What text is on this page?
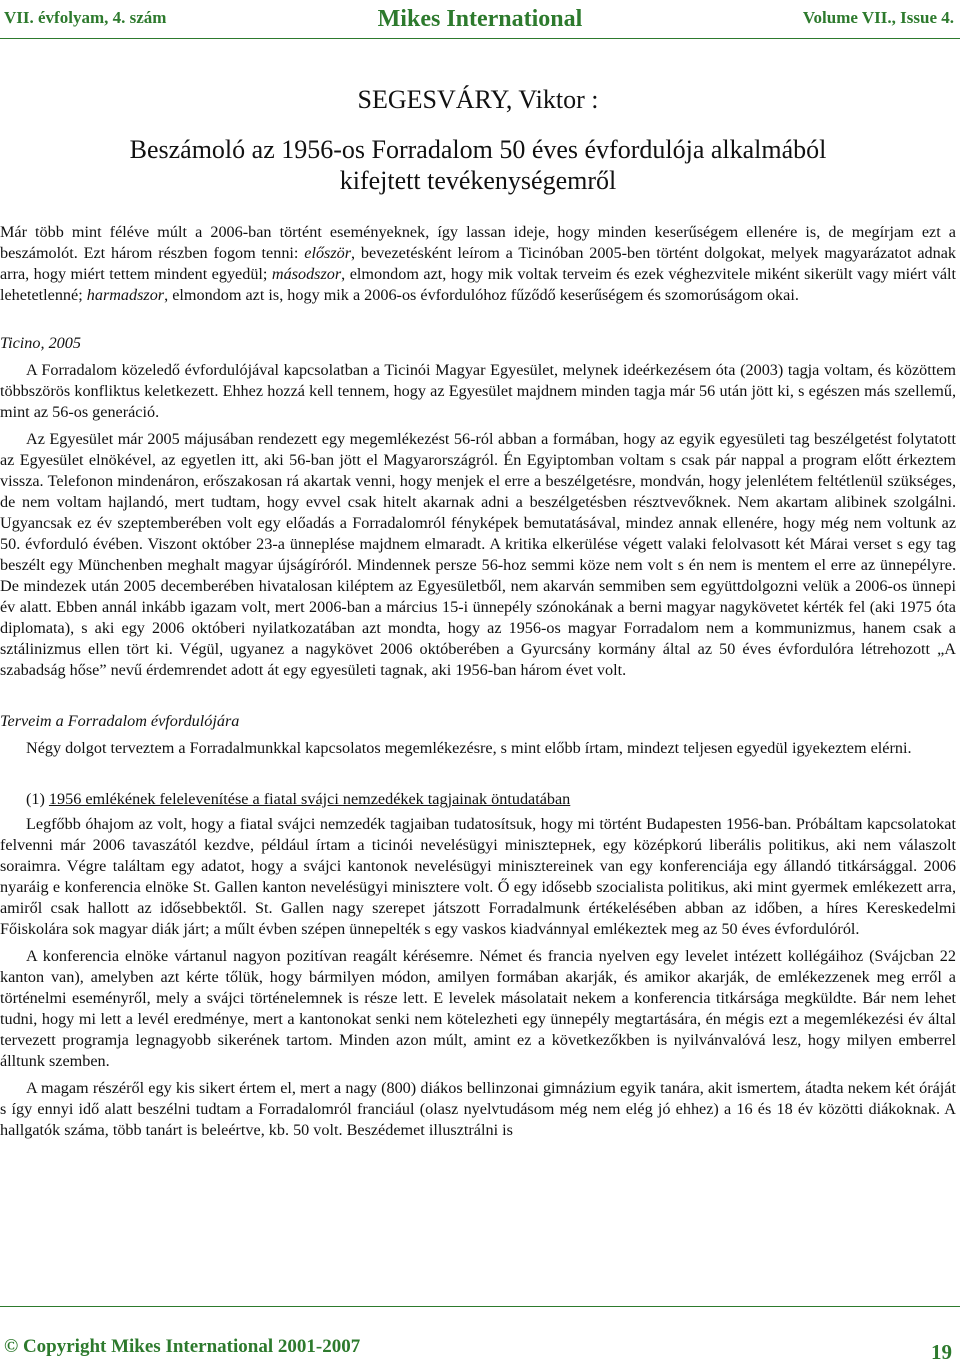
VII. évfolyam, 4. szám	Mikes International	Volume VII., Issue 4.
SEGESVÁRY, Viktor :
Beszámoló az 1956-os Forradalom 50 éves évfordulója alkalmából
kifejtett tevékenységemről

Már több mint féléve múlt a 2006-ban történt eseményeknek, így lassan ideje, hogy minden keserűségem ellenére is, de megírjam ezt a beszámolót. Ezt három részben fogom tenni: először, bevezetésként leírom a Ticinóban 2005-ben történt dolgokat, melyek magyarázatot adnak arra, hogy miért tettem mindent egyedül; másodszor, elmondom azt, hogy mik voltak terveim és ezek véghezvitele miként sikerült vagy miért vált lehetetlenné; harmadszor, elmondom azt is, hogy mik a 2006-os évfordulóhoz fűződő keserűségem és szomorúságom okai.

Ticino, 2005

A Forradalom közeledő évfordulójával kapcsolatban a Ticinói Magyar Egyesület, melynek ideérkezésem óta (2003) tagja voltam, és közöttem többszörös konfliktus keletkezett. Ehhez hozzá kell tennem, hogy az Egyesület majdnem minden tagja már 56 után jött ki, s egészen más szellemű, mint az 56-os generáció.

Az Egyesület már 2005 májusában rendezett egy megemlékezést 56-ról abban a formában, hogy az egyik egyesületi tag beszélgetést folytatott az Egyesület elnökével, az egyetlen itt, aki 56-ban jött el Magyarországról. Én Egyiptomban voltam s csak pár nappal a program előtt érkeztem vissza. Telefonon mindenáron, erőszakosan rá akartak venni, hogy menjek el erre a beszélgetésre, mondván, hogy jelenlétem feltétlenül szükséges, de nem voltam hajlandó, mert tudtam, hogy evvel csak hitelt akarnak adni a beszélgetésben résztvevőknek. Nem akartam alibinek szolgálni. Ugyancsak ez év szeptemberében volt egy előadás a Forradalomról fényképek bemutatásával, mindez annak ellenére, hogy még nem voltunk az 50. évforduló évében. Viszont október 23-a ünneplése majdnem elmaradt. A kritika elkerülése végett valaki felolvasott két Márai verset s egy tag beszélt egy Münchenben meghalt magyar újságíróról. Mindennek persze 56-hoz semmi köze nem volt s én nem is mentem el erre az ünnepélyre. De mindezek után 2005 decemberében hivatalosan kiléptem az Egyesületből, nem akarván semmiben sem együttdolgozni velük a 2006-os ünnepi év alatt. Ebben annál inkább igazam volt, mert 2006-ban a március 15-i ünnepély szónokának a berni magyar nagykövetet kérték fel (aki 1975 óta diplomata), s aki egy 2006 októberi nyilatkozatában azt mondta, hogy az 1956-os magyar Forradalom nem a kommunizmus, hanem csak a sztálinizmus ellen tört ki. Végül, ugyanez a nagykövet 2006 októberében a Gyurcsány kormány által az 50 éves évfordulóra létrehozott „A szabadság hőse” nevű érdemrendet adott át egy egyesületi tagnak, aki 1956-ban három évet volt.

Terveim a Forradalom évfordulójára

Négy dolgot terveztem a Forradalmunkkal kapcsolatos megemlékezésre, s mint előbb írtam, mindezt teljesen egyedül igyekeztem elérni.

(1) 1956 emlékének felelevenítése a fiatal svájci nemzedékek tagjainak öntudatában

Legfőbb óhajom az volt, hogy a fiatal svájci nemzedék tagjaiban tudatosítsuk, hogy mi történt Budapesten 1956-ban. Próbáltam kapcsolatokat felvenni már 2006 tavaszától kezdve, például írtam a ticinói nevelésügyi minisztернek, egy középkorú liberális politikus, aki nem válaszolt soraimra. Végre találtam egy adatot, hogy a svájci kantonok nevelésügyi minisztereinek van egy konferenciája egy állandó titkársággal. 2006 nyaráig e konferencia elnöke St. Gallen kanton nevelésügyi minisztere volt. Ő egy idősebb szocialista politikus, aki mint gyermek emlékezett arra, amiről csak hallott az idősebbektől. St. Gallen nagy szerepet játszott Forradalmunk értékelésében abban az időben, a híres Kereskedelmi Főiskolára sok magyar diák járt; a műlt évben szépen ünnepelték s egy vaskos kiadvánnyal emlékeztek meg az 50 éves évfordulóról.

A konferencia elnöke vártanul nagyon pozitívan reagált kérésemre. Német és francia nyelven egy levelet intézett kollégáihoz (Svájcban 22 kanton van), amelyben azt kérte tőlük, hogy bármilyen módon, amilyen formában akarják, és amikor akarják, de emlékezzenek meg erről a történelmi eseményről, mely a svájci történelemnek is része lett. E levelek másolatait nekem a konferencia titkársága megküldte. Bár nem lehet tudni, hogy mi lett a levél eredménye, mert a kantonokat senki nem kötelezheti egy ünnepély megtartására, én mégis ezt a megemlékezési év által tervezett programja legnagyobb sikerének tartom. Minden azon múlt, amint ez a következőkben is nyilvánvalóvá lesz, hogy milyen emberrel álltunk szemben.

A magam részéről egy kis sikert értem el, mert a nagy (800) diákos bellinzonai gimnázium egyik tanára, akit ismertem, átadta nekem két óráját s így ennyi idő alatt beszélni tudtam a Forradalomról franciául (olasz nyelvtudásom még nem elég jó ehhez) a 16 és 18 év közötti diákoknak. A hallgatók száma, több tanárt is beleértve, kb. 50 volt. Beszédemet illusztrálni is

© Copyright Mikes International 2001-2007	19
